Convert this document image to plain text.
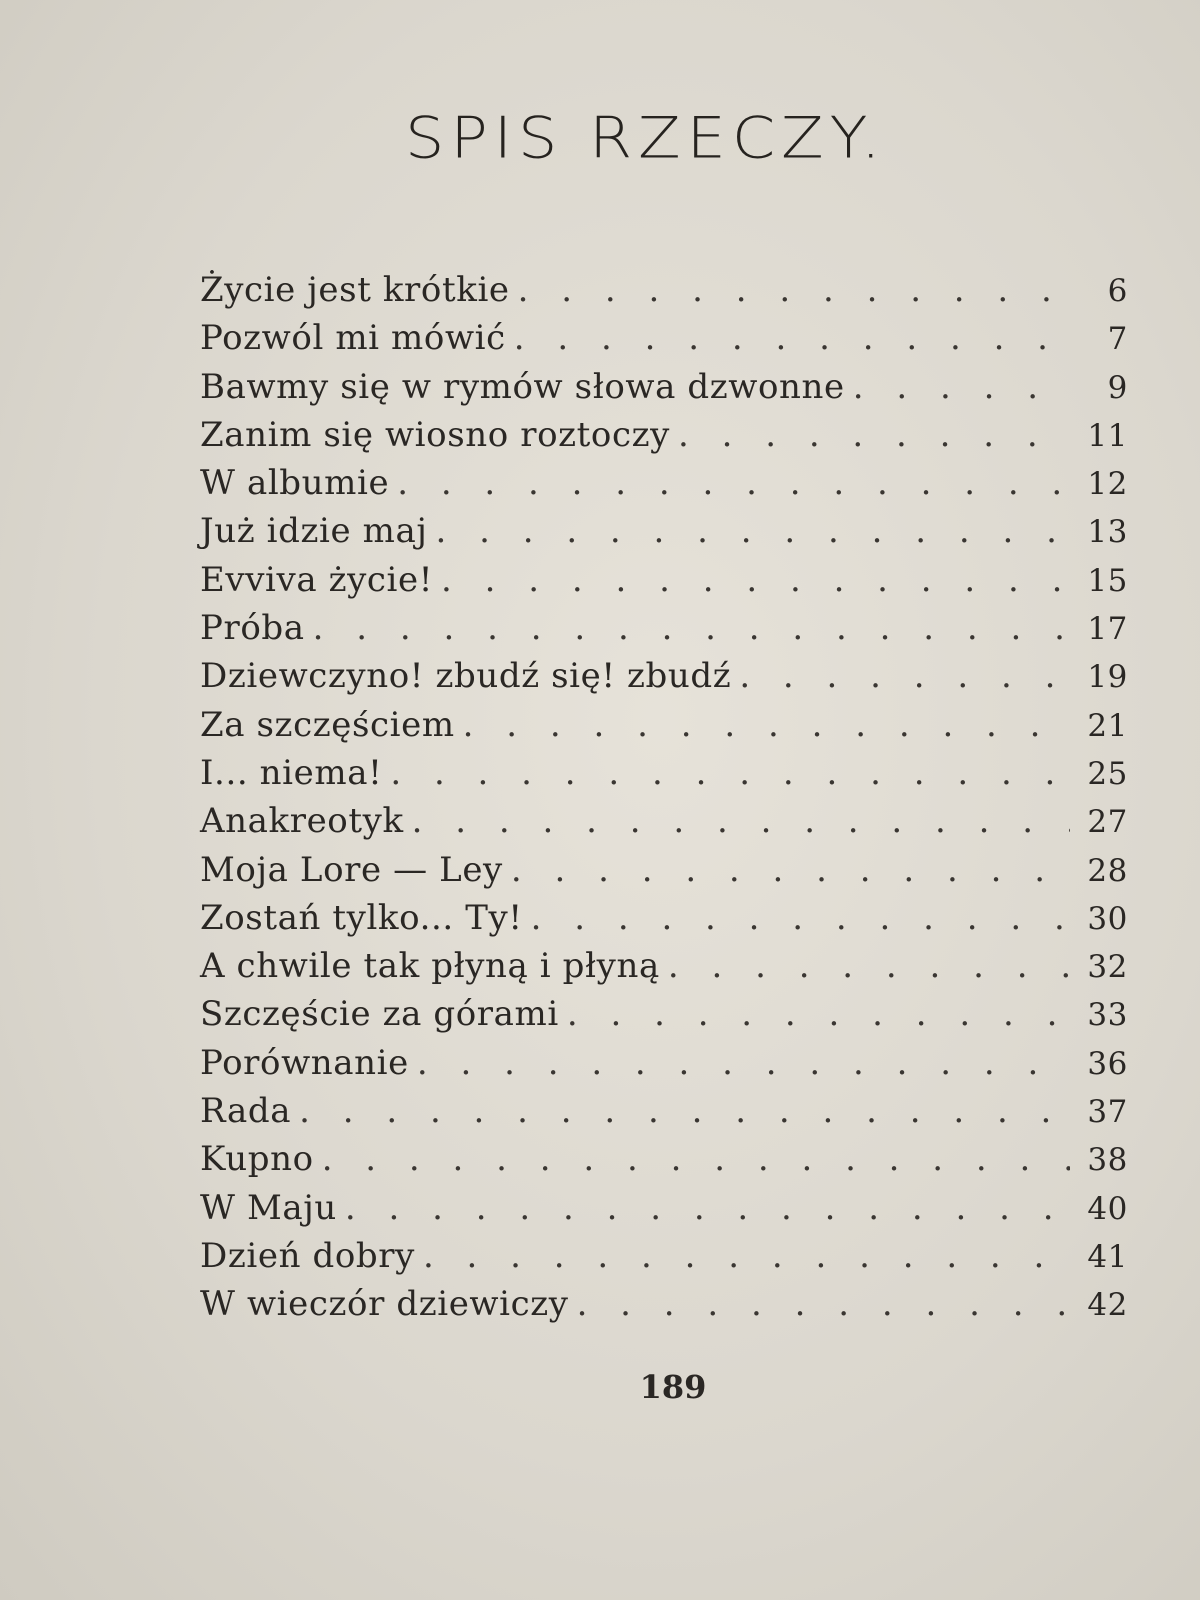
SPIS RZECZY.
Życie jest krótkie . . .	6
Pozwól mi mówić . . .	7
Bawmy się w rymów słowa dzwonne . . .	9
Zanim się wiosno roztoczy . . .	11
W albumie . . .	12
Już idzie maj . . .	13
Evviva życie! . . .	15
Próba . . .	17
Dziewczyno! zbudź się! zbudź . . .	19
Za szczęściem . . .	21
I... niema! . . .	25
Anakreotyk . . .	27
Moja Lore — Ley . . .	28
Zostań tylko... Ty! . . .	30
A chwile tak płyną i płyną . . .	32
Szczęście za górami . . .	33
Porównanie . . .	36
Rada . . .	37
Kupno . . .	38
W Maju . . .	40
Dzień dobry . . .	41
W wieczór dziewiczy . . .	42
189
